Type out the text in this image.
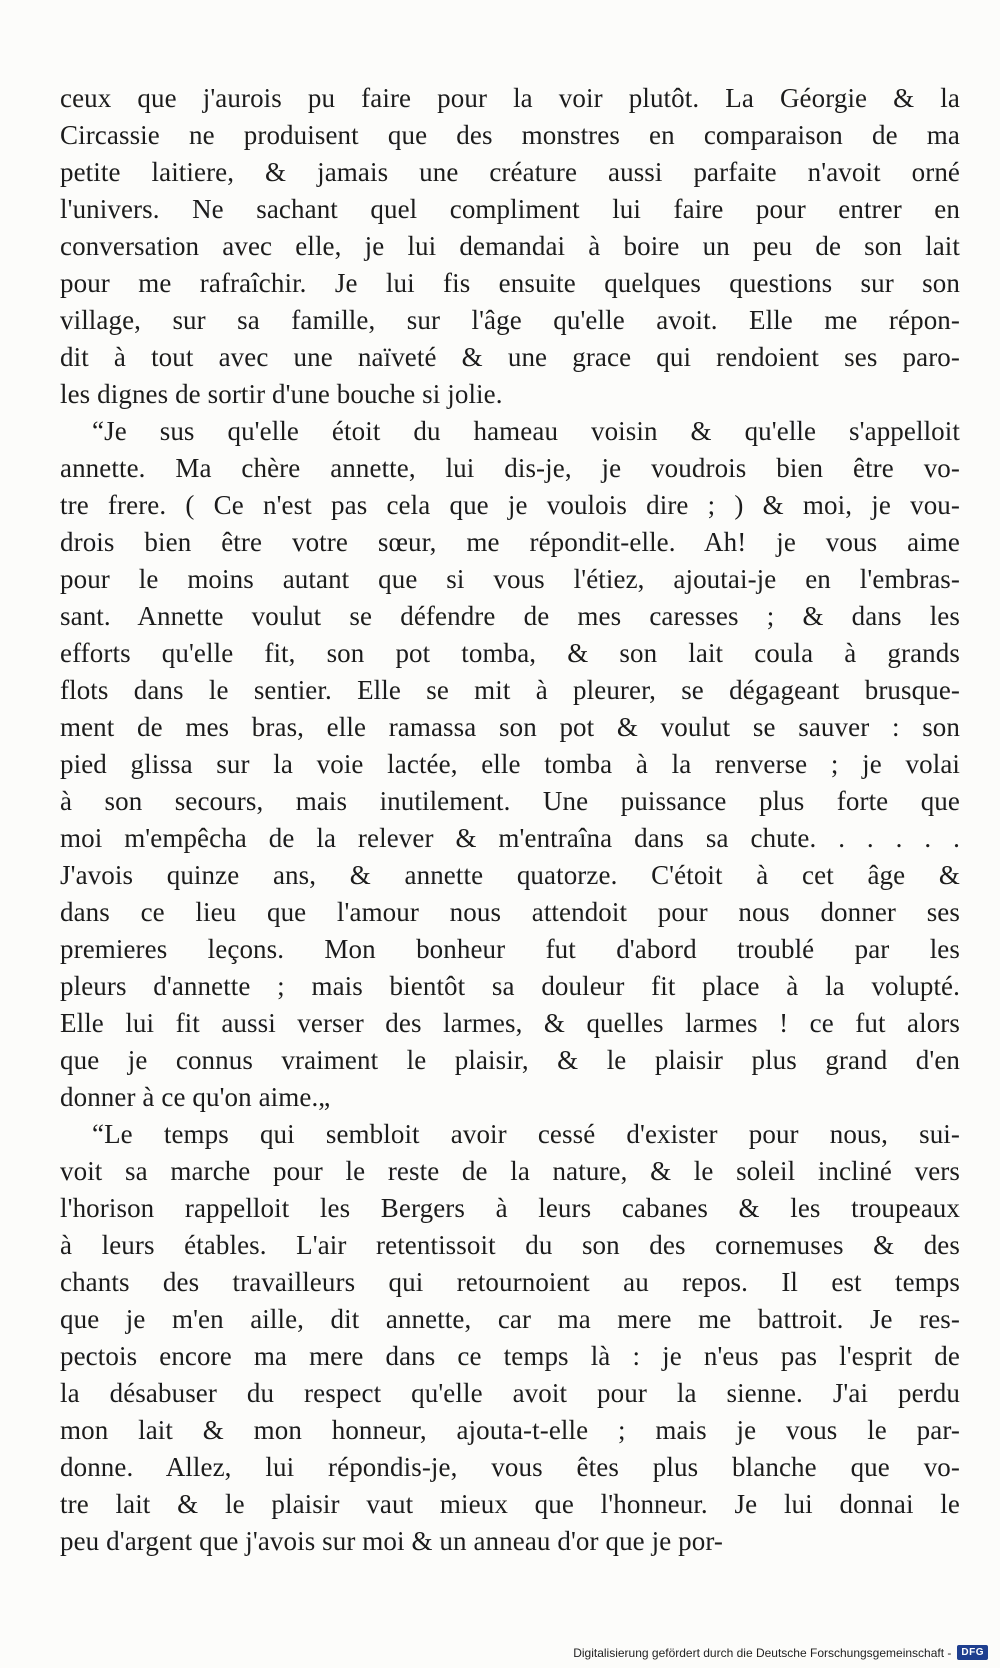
ceux que j'aurois pu faire pour la voir plutôt. La Géorgie & la
Circassie ne produisent que des monstres en comparaison de ma
petite laitiere, & jamais une créature aussi parfaite n'avoit orné
l'univers. Ne sachant quel compliment lui faire pour entrer en
conversation avec elle, je lui demandai à boire un peu de son lait
pour me rafraîchir. Je lui fis ensuite quelques questions sur son
village, sur sa famille, sur l'âge qu'elle avoit. Elle me répon-
dit à tout avec une naïveté & une grace qui rendoient ses paro-
les dignes de sortir d'une bouche si jolie.
“Je sus qu'elle étoit du hameau voisin & qu'elle s'appelloit
annette. Ma chère annette, lui dis-je, je voudrois bien être vo-
tre frere. ( Ce n'est pas cela que je voulois dire ; ) & moi, je vou-
drois bien être votre sœur, me répondit-elle. Ah! je vous aime
pour le moins autant que si vous l'étiez, ajoutai-je en l'embras-
sant. Annette voulut se défendre de mes caresses ; & dans les
efforts qu'elle fit, son pot tomba, & son lait coula à grands
flots dans le sentier. Elle se mit à pleurer, se dégageant brusque-
ment de mes bras, elle ramassa son pot & voulut se sauver : son
pied glissa sur la voie lactée, elle tomba à la renverse ; je volai
à son secours, mais inutilement. Une puissance plus forte que
moi m'empêcha de la relever & m'entraîna dans sa chute. . . . . .
J'avois quinze ans, & annette quatorze. C'étoit à cet âge &
dans ce lieu que l'amour nous attendoit pour nous donner ses
premieres leçons. Mon bonheur fut d'abord troublé par les
pleurs d'annette ; mais bientôt sa douleur fit place à la volupté.
Elle lui fit aussi verser des larmes, & quelles larmes ! ce fut alors
que je connus vraiment le plaisir, & le plaisir plus grand d'en
donner à ce qu'on aime.„
“Le temps qui sembloit avoir cessé d'exister pour nous, sui-
voit sa marche pour le reste de la nature, & le soleil incliné vers
l'horison rappelloit les Bergers à leurs cabanes & les troupeaux
à leurs étables. L'air retentissoit du son des cornemuses & des
chants des travailleurs qui retournoient au repos. Il est temps
que je m'en aille, dit annette, car ma mere me battroit. Je res-
pectois encore ma mere dans ce temps là : je n'eus pas l'esprit de
la désabuser du respect qu'elle avoit pour la sienne. J'ai perdu
mon lait & mon honneur, ajouta-t-elle ; mais je vous le par-
donne. Allez, lui répondis-je, vous êtes plus blanche que vo-
tre lait & le plaisir vaut mieux que l'honneur. Je lui donnai le
peu d'argent que j'avois sur moi & un anneau d'or que je por-
Digitalisierung gefördert durch die Deutsche Forschungsgemeinschaft -	DFG
